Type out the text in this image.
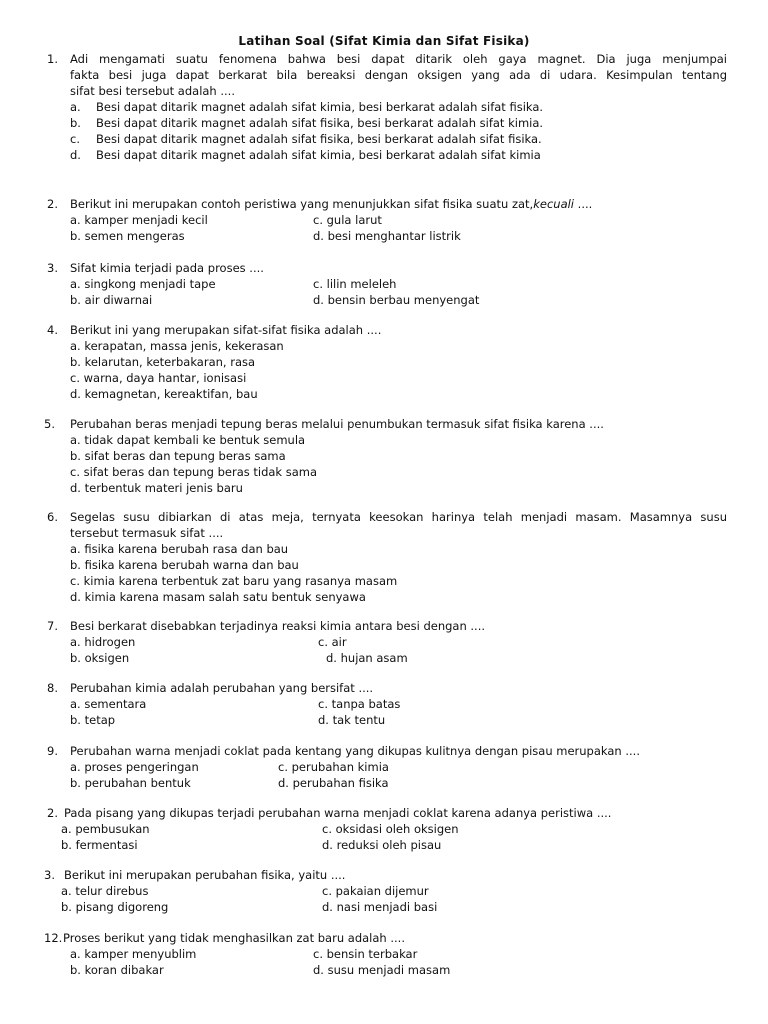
Latihan Soal (Sifat Kimia dan Sifat Fisika)
1. Adi mengamati suatu fenomena bahwa besi dapat ditarik oleh gaya magnet. Dia juga menjumpai
fakta besi juga dapat berkarat bila bereaksi dengan oksigen yang ada di udara. Kesimpulan tentang
sifat besi tersebut adalah ....
a. Besi dapat ditarik magnet adalah sifat kimia, besi berkarat adalah sifat fisika.
b. Besi dapat ditarik magnet adalah sifat fisika, besi berkarat adalah sifat kimia.
c. Besi dapat ditarik magnet adalah sifat fisika, besi berkarat adalah sifat fisika.
d. Besi dapat ditarik magnet adalah sifat kimia, besi berkarat adalah sifat kimia
2. Berikut ini merupakan contoh peristiwa yang menunjukkan sifat fisika suatu zat,kecuali ....
a. kamper menjadi kecil	c. gula larut
b. semen mengeras	d. besi menghantar listrik
3. Sifat kimia terjadi pada proses ....
a. singkong menjadi tape	c. lilin meleleh
b. air diwarnai	d. bensin berbau menyengat
4. Berikut ini yang merupakan sifat-sifat fisika adalah ....
a. kerapatan, massa jenis, kekerasan
b. kelarutan, keterbakaran, rasa
c. warna, daya hantar, ionisasi
d. kemagnetan, kereaktifan, bau
5. Perubahan beras menjadi tepung beras melalui penumbukan termasuk sifat fisika karena ....
a. tidak dapat kembali ke bentuk semula
b. sifat beras dan tepung beras sama
c. sifat beras dan tepung beras tidak sama
d. terbentuk materi jenis baru
6. Segelas susu dibiarkan di atas meja, ternyata keesokan harinya telah menjadi masam. Masamnya susu
tersebut termasuk sifat ....
a. fisika karena berubah rasa dan bau
b. fisika karena berubah warna dan bau
c. kimia karena terbentuk zat baru yang rasanya masam
d. kimia karena masam salah satu bentuk senyawa
7. Besi berkarat disebabkan terjadinya reaksi kimia antara besi dengan ....
a. hidrogen	c. air
b. oksigen	d. hujan asam
8. Perubahan kimia adalah perubahan yang bersifat ....
a. sementara	c. tanpa batas
b. tetap	d. tak tentu
9. Perubahan warna menjadi coklat pada kentang yang dikupas kulitnya dengan pisau merupakan ....
a. proses pengeringan	c. perubahan kimia
b. perubahan bentuk	d. perubahan fisika
2. Pada pisang yang dikupas terjadi perubahan warna menjadi coklat karena adanya peristiwa ....
a. pembusukan	c. oksidasi oleh oksigen
b. fermentasi	d. reduksi oleh pisau
3. Berikut ini merupakan perubahan fisika, yaitu ....
a. telur direbus	c. pakaian dijemur
b. pisang digoreng	d. nasi menjadi basi
12. Proses berikut yang tidak menghasilkan zat baru adalah ....
a. kamper menyublim	c. bensin terbakar
b. koran dibakar	d. susu menjadi masam
